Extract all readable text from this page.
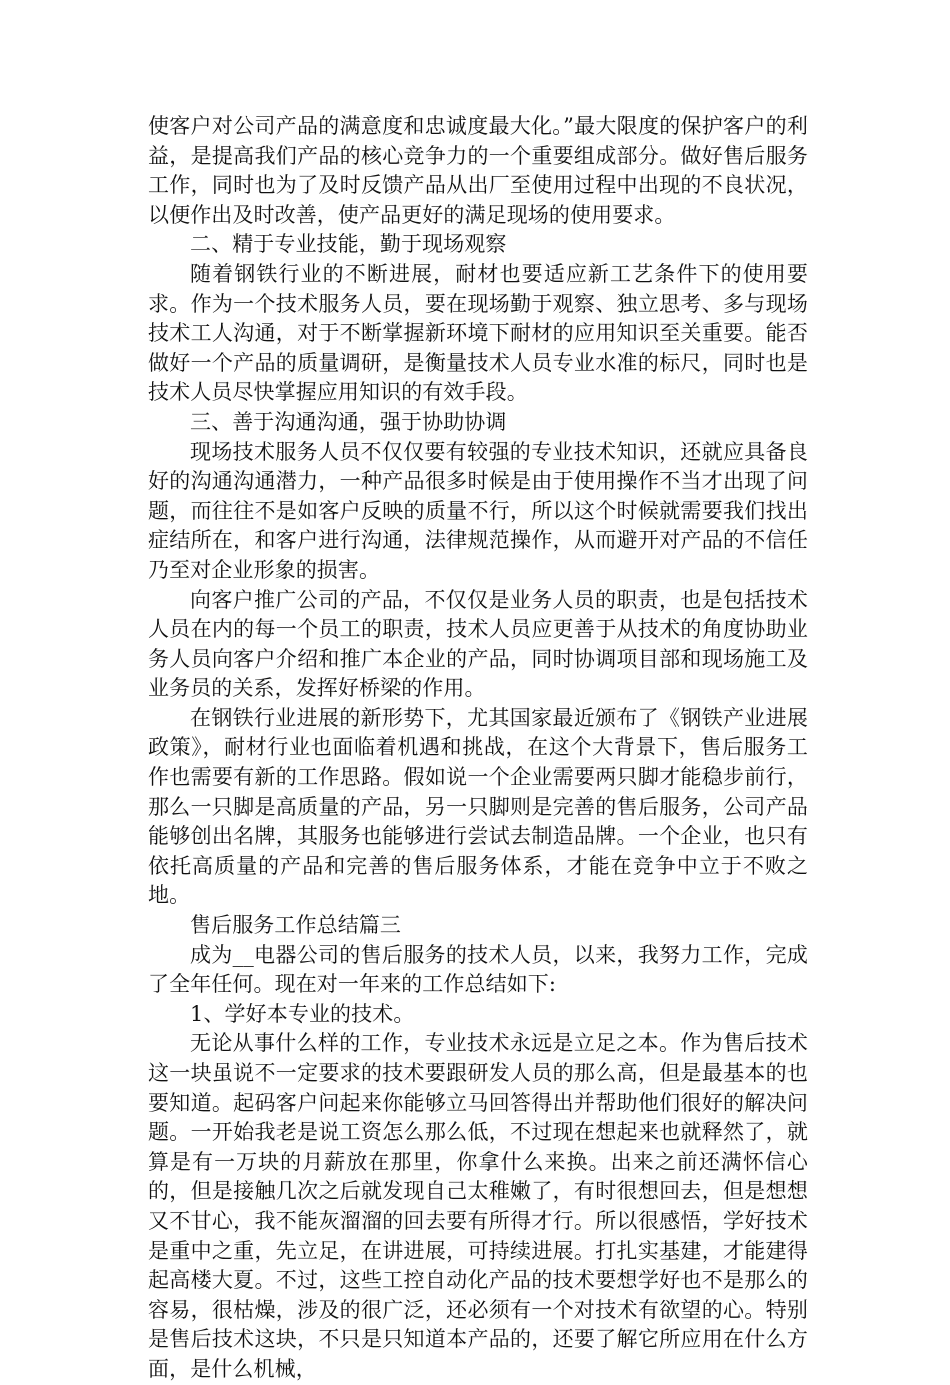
使客户对公司产品的满意度和忠诚度最大化。”最大限度的保护客户的利益，是提高我们产品的核心竞争力的一个重要组成部分。做好售后服务工作，同时也为了及时反馈产品从出厂至使用过程中出现的不良状况，以便作出及时改善，使产品更好的满足现场的使用要求。

二、精于专业技能，勤于现场观察

随着钢铁行业的不断进展，耐材也要适应新工艺条件下的使用要求。作为一个技术服务人员，要在现场勤于观察、独立思考、多与现场技术工人沟通，对于不断掌握新环境下耐材的应用知识至关重要。能否做好一个产品的质量调研，是衡量技术人员专业水准的标尺，同时也是技术人员尽快掌握应用知识的有效手段。

三、善于沟通沟通，强于协助协调

现场技术服务人员不仅仅要有较强的专业技术知识，还就应具备良好的沟通沟通潜力，一种产品很多时候是由于使用操作不当才出现了问题，而往往不是如客户反映的质量不行，所以这个时候就需要我们找出症结所在，和客户进行沟通，法律规范操作，从而避开对产品的不信任乃至对企业形象的损害。

向客户推广公司的产品，不仅仅是业务人员的职责，也是包括技术人员在内的每一个员工的职责，技术人员应更善于从技术的角度协助业务人员向客户介绍和推广本企业的产品，同时协调项目部和现场施工及业务员的关系，发挥好桥梁的作用。

在钢铁行业进展的新形势下，尤其国家最近颁布了《钢铁产业进展政策》，耐材行业也面临着机遇和挑战，在这个大背景下，售后服务工作也需要有新的工作思路。假如说一个企业需要两只脚才能稳步前行，那么一只脚是高质量的产品，另一只脚则是完善的售后服务，公司产品能够创出名牌，其服务也能够进行尝试去制造品牌。一个企业，也只有依托高质量的产品和完善的售后服务体系，才能在竞争中立于不败之地。

售后服务工作总结篇三

成为__电器公司的售后服务的技术人员，以来，我努力工作，完成了全年任何。现在对一年来的工作总结如下:

1、学好本专业的技术。

无论从事什么样的工作，专业技术永远是立足之本。作为售后技术这一块虽说不一定要求的技术要跟研发人员的那么高，但是最基本的也要知道。起码客户问起来你能够立马回答得出并帮助他们很好的解决问题。一开始我老是说工资怎么那么低，不过现在想起来也就释然了，就算是有一万块的月薪放在那里，你拿什么来换。出来之前还满怀信心的，但是接触几次之后就发现自己太稚嫩了，有时很想回去，但是想想又不甘心，我不能灰溜溜的回去要有所得才行。所以很感悟，学好技术是重中之重，先立足，在讲进展，可持续进展。打扎实基建，才能建得起高楼大夏。不过，这些工控自动化产品的技术要想学好也不是那么的容易，很枯燥，涉及的很广泛，还必须有一个对技术有欲望的心。特别是售后技术这块，不只是只知道本产品的，还要了解它所应用在什么方面，是什么机械，
